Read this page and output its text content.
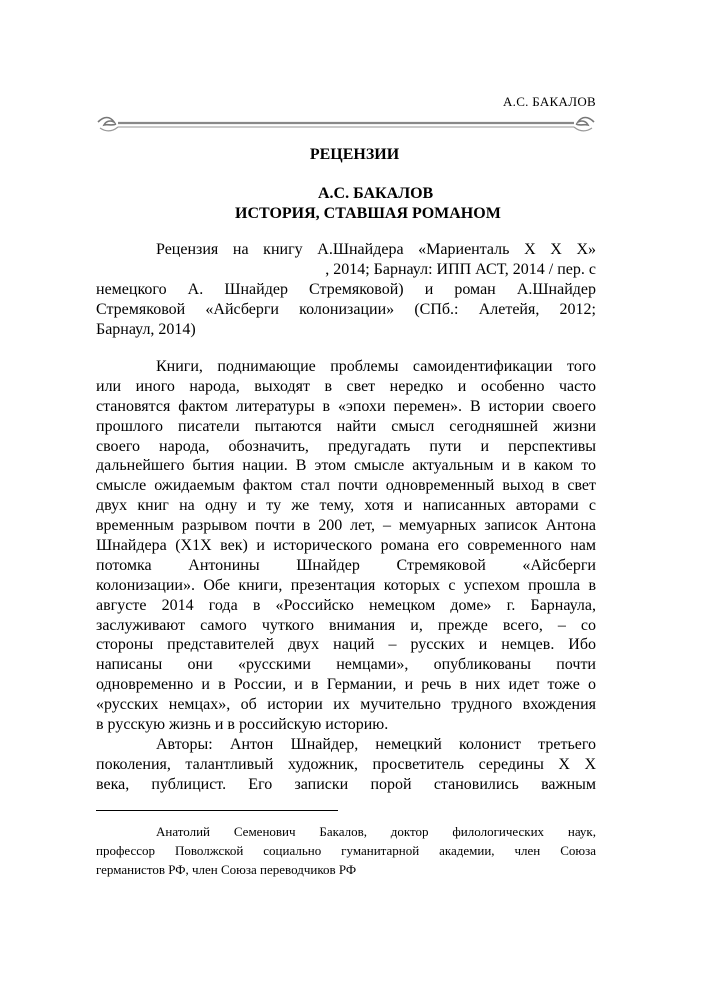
А.С. БАКАЛОВ
РЕЦЕНЗИИ
А.С. БАКАЛОВ
ИСТОРИЯ, СТАВШАЯ РОМАНОМ
Рецензия на книгу А.Шнайдера «Мариенталь Х Х Х»
, 2014; Барнаул: ИПП АСТ, 2014 / пер. с
немецкого А. Шнайдер Стремяковой) и роман А.Шнайдер
Стремяковой «Айсберги колонизации» (СПб.: Алетейя, 2012;
Барнаул, 2014)
Книги, поднимающие проблемы самоидентификации того
или иного народа, выходят в свет нередко и особенно часто
становятся фактом литературы в «эпохи перемен». В истории своего
прошлого писатели пытаются найти смысл сегодняшней жизни
своего народа, обозначить, предугадать пути и перспективы
дальнейшего бытия нации. В этом смысле актуальным и в каком то
смысле ожидаемым фактом стал почти одновременный выход в свет
двух книг на одну и ту же тему, хотя и написанных авторами с
временным разрывом почти в 200 лет, – мемуарных записок Антона
Шнайдера (Х1Х век) и исторического романа его современного нам
потомка Антонины Шнайдер Стремяковой «Айсберги
колонизации». Обе книги, презентация которых с успехом прошла в
августе 2014 года в «Российско немецком доме» г. Барнаула,
заслуживают самого чуткого внимания и, прежде всего, – со
стороны представителей двух наций – русских и немцев. Ибо
написаны они «русскими немцами», опубликованы почти
одновременно и в России, и в Германии, и речь в них идет тоже о
«русских немцах», об истории их мучительно трудного вхождения
в русскую жизнь и в российскую историю.
Авторы: Антон Шнайдер, немецкий колонист третьего
поколения, талантливый художник, просветитель середины Х Х
века, публицист. Его записки порой становились важным
Анатолий Семенович Бакалов, доктор филологических наук,
профессор Поволжской социально гуманитарной академии, член Союза
германистов РФ, член Союза переводчиков РФ
